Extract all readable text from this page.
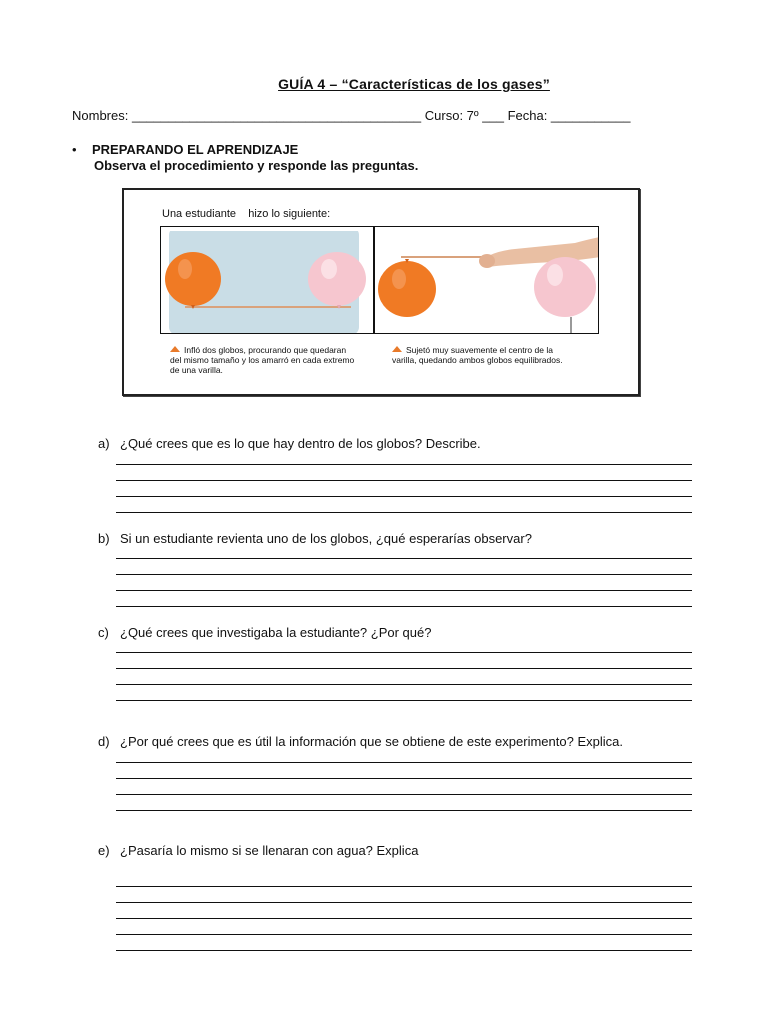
GUÍA 4 – “Características de los gases”
Nombres: ________________________________________ Curso: 7º ___ Fecha: ___________
• PREPARANDO EL APRENDIZAJE
Observa el procedimiento y responde las preguntas.
Una estudiante    hizo lo siguiente:
Infló dos globos, procurando que quedaran del mismo tamaño y los amarró en cada extremo de una varilla.
Sujetó muy suavemente el centro de la varilla, quedando ambos globos equilibrados.
a) ¿Qué crees que es lo que hay dentro de los globos? Describe.
b) Si un estudiante revienta uno de los globos, ¿qué esperarías observar?
c) ¿Qué crees que investigaba la estudiante? ¿Por qué?
d) ¿Por qué crees que es útil la información que se obtiene de este experimento? Explica.
e) ¿Pasaría lo mismo si se llenaran con agua? Explica
